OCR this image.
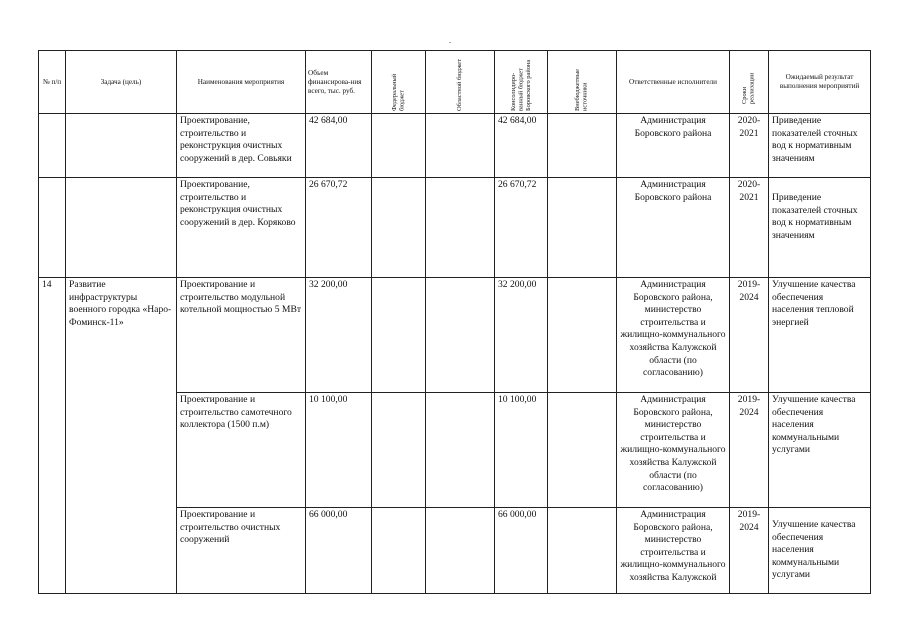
№ п/п	Задача (цель)	Наименования мероприятия	Объем финансирова-ния всего, тыс. руб.	Федеральный бюджет	Областной бюджет	Консолидиро-ванный бюджет Боровского района	Внебюджетные источники	Ответственные исполнители	Сроки реализации	Ожидаемый результат выполнения мероприятий
		Проектирование, строительство и реконструкция очистных сооружений в дер. Совьяки	42 684,00			42 684,00		Администрация Боровского района	2020-2021	Приведение показателей сточных вод к нормативным значениям
		Проектирование, строительство и реконструкция очистных сооружений в дер. Коряково	26 670,72			26 670,72		Администрация Боровского района	2020-2021	Приведение показателей сточных вод к нормативным значениям

14	Развитие инфраструктуры военного городка «Наро-Фоминск-11»	Проектирование и строительство модульной котельной мощностью 5 МВт	32 200,00			32 200,00		Администрация Боровского района, министерство строительства и жилищно-коммунального хозяйства Калужской области (по согласованию)	2019-2024	Улучшение качества обеспечения населения тепловой энергией
		Проектирование и строительство самотечного коллектора (1500 п.м)	10 100,00			10 100,00		Администрация Боровского района, министерство строительства и жилищно-коммунального хозяйства Калужской области (по согласованию)	2019-2024	Улучшение качества обеспечения населения коммунальными услугами
		Проектирование и строительство очистных сооружений	66 000,00			66 000,00		Администрация Боровского района, министерство строительства и жилищно-коммунального хозяйства Калужской	2019-2024	Улучшение качества обеспечения населения коммунальными услугами
